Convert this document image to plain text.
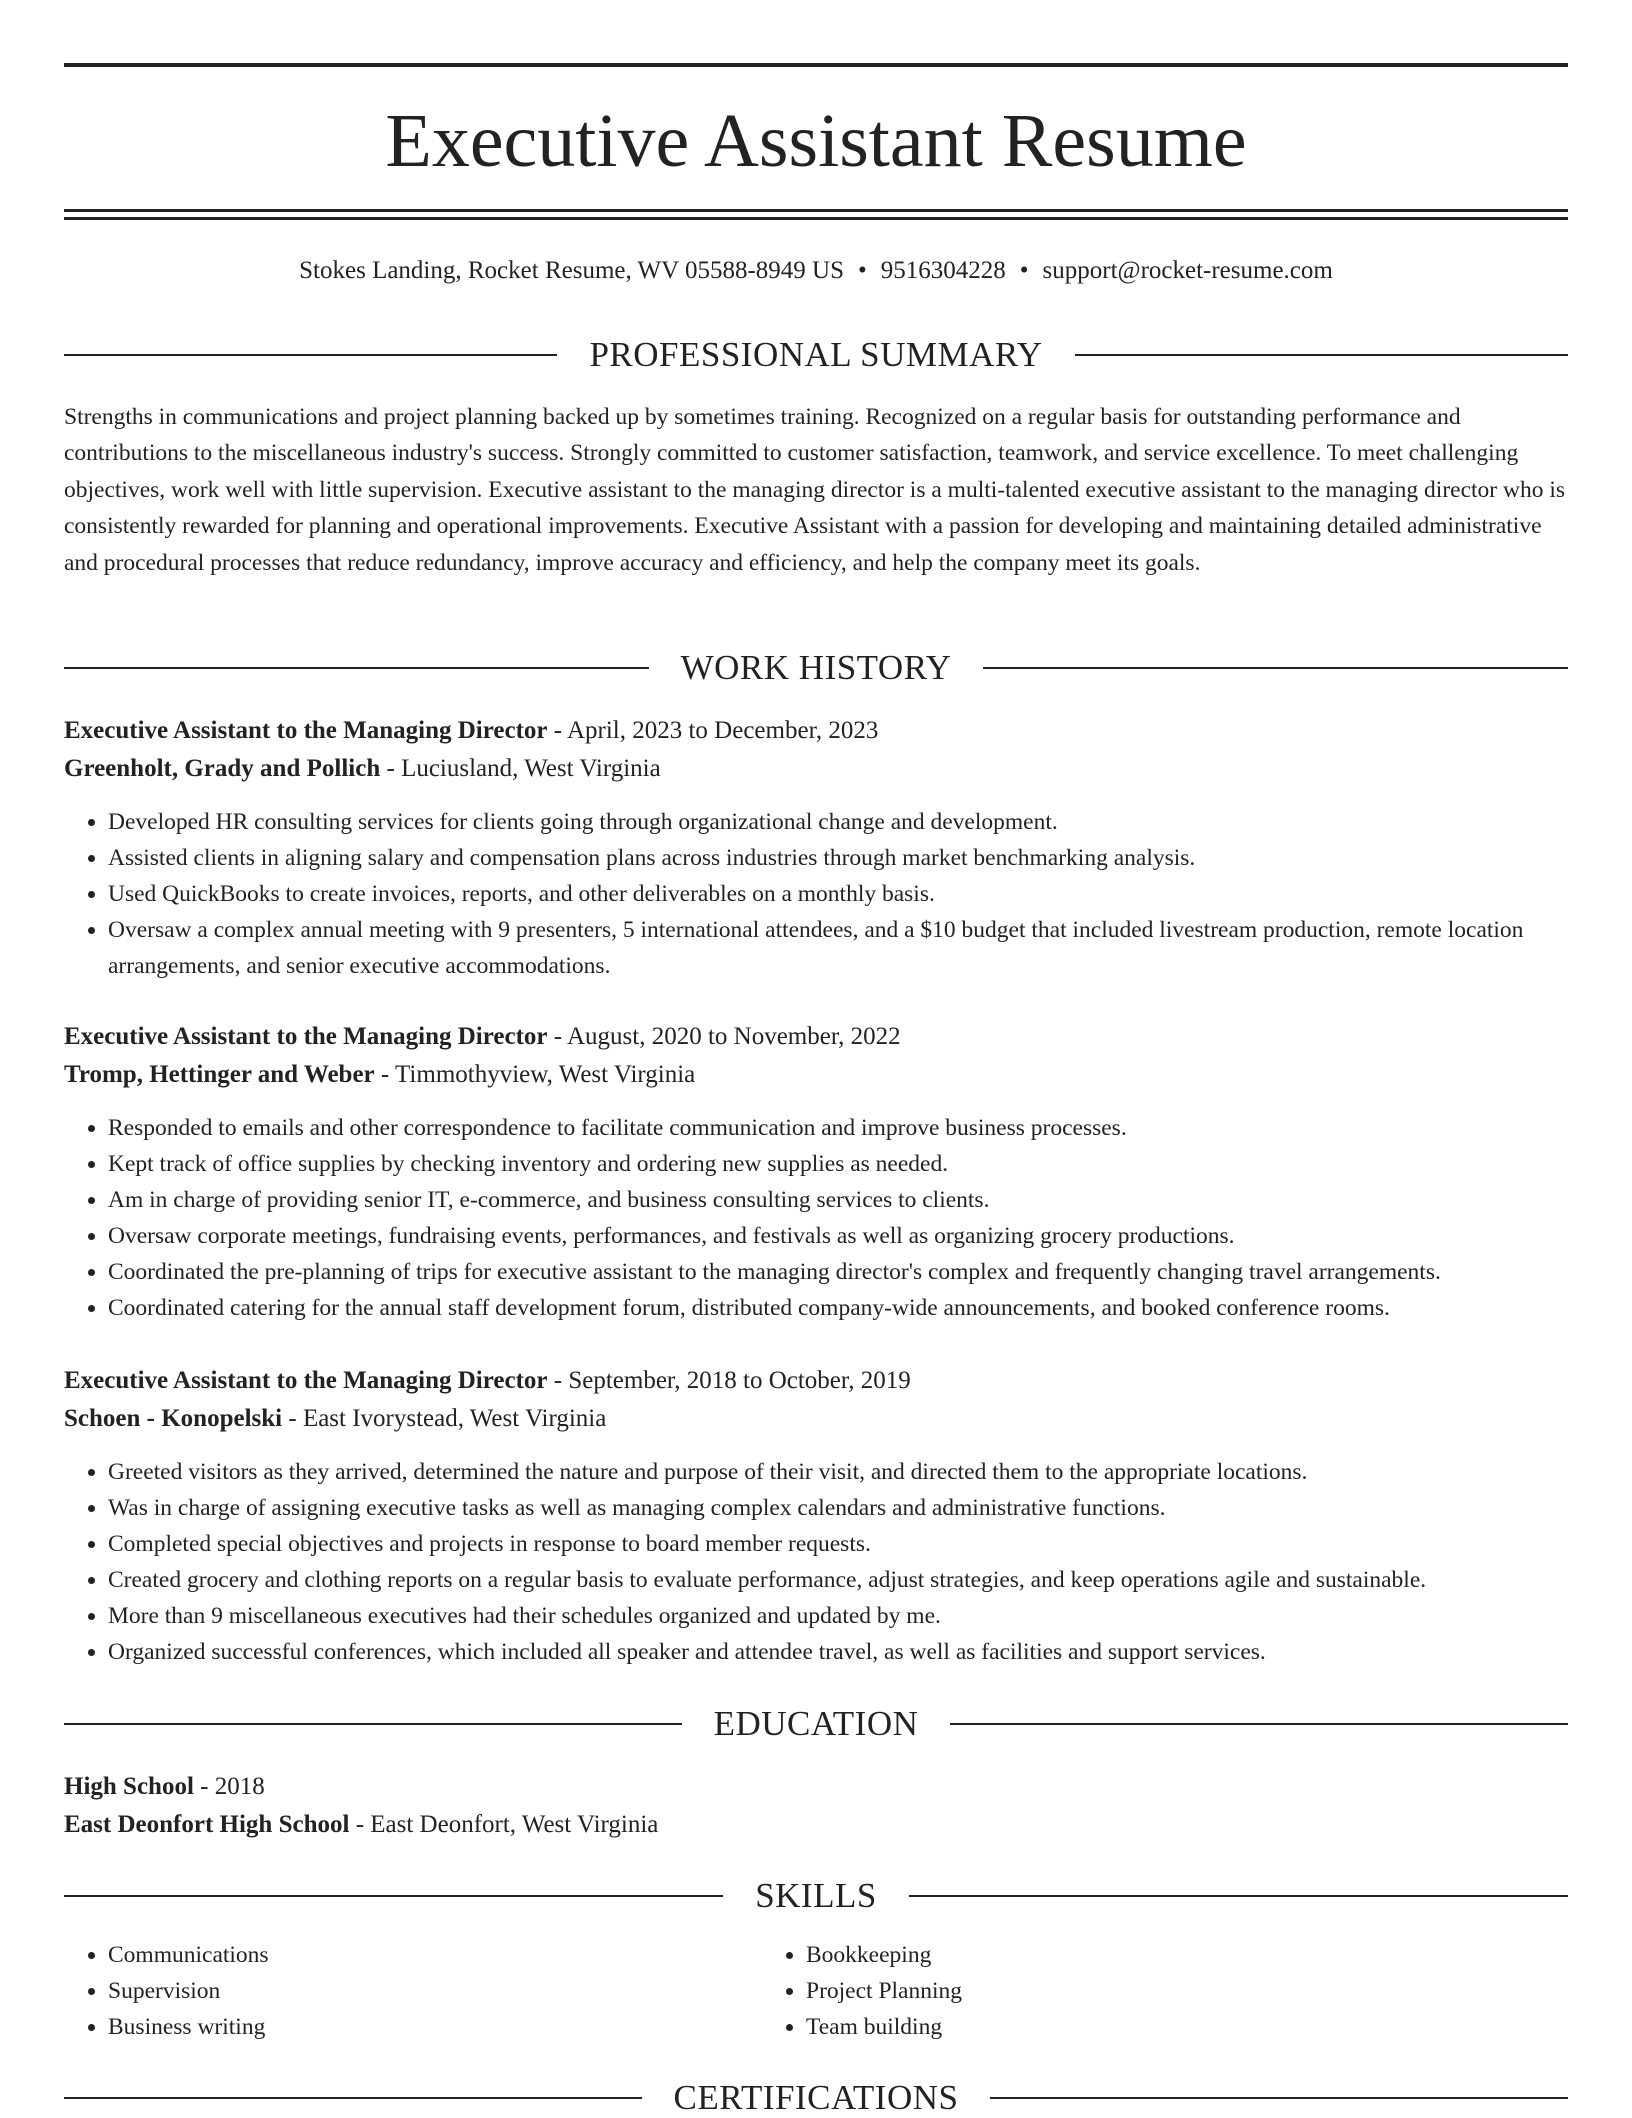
Executive Assistant Resume
Stokes Landing, Rocket Resume, WV 05588-8949 US • 9516304228 • support@rocket-resume.com
PROFESSIONAL SUMMARY
Strengths in communications and project planning backed up by sometimes training. Recognized on a regular basis for outstanding performance and contributions to the miscellaneous industry's success. Strongly committed to customer satisfaction, teamwork, and service excellence. To meet challenging objectives, work well with little supervision. Executive assistant to the managing director is a multi-talented executive assistant to the managing director who is consistently rewarded for planning and operational improvements. Executive Assistant with a passion for developing and maintaining detailed administrative and procedural processes that reduce redundancy, improve accuracy and efficiency, and help the company meet its goals.
WORK HISTORY
Executive Assistant to the Managing Director - April, 2023 to December, 2023
Greenholt, Grady and Pollich - Luciusland, West Virginia
• Developed HR consulting services for clients going through organizational change and development.
• Assisted clients in aligning salary and compensation plans across industries through market benchmarking analysis.
• Used QuickBooks to create invoices, reports, and other deliverables on a monthly basis.
• Oversaw a complex annual meeting with 9 presenters, 5 international attendees, and a $10 budget that included livestream production, remote location arrangements, and senior executive accommodations.
Executive Assistant to the Managing Director - August, 2020 to November, 2022
Tromp, Hettinger and Weber - Timmothyview, West Virginia
• Responded to emails and other correspondence to facilitate communication and improve business processes.
• Kept track of office supplies by checking inventory and ordering new supplies as needed.
• Am in charge of providing senior IT, e-commerce, and business consulting services to clients.
• Oversaw corporate meetings, fundraising events, performances, and festivals as well as organizing grocery productions.
• Coordinated the pre-planning of trips for executive assistant to the managing director's complex and frequently changing travel arrangements.
• Coordinated catering for the annual staff development forum, distributed company-wide announcements, and booked conference rooms.
Executive Assistant to the Managing Director - September, 2018 to October, 2019
Schoen - Konopelski - East Ivorystead, West Virginia
• Greeted visitors as they arrived, determined the nature and purpose of their visit, and directed them to the appropriate locations.
• Was in charge of assigning executive tasks as well as managing complex calendars and administrative functions.
• Completed special objectives and projects in response to board member requests.
• Created grocery and clothing reports on a regular basis to evaluate performance, adjust strategies, and keep operations agile and sustainable.
• More than 9 miscellaneous executives had their schedules organized and updated by me.
• Organized successful conferences, which included all speaker and attendee travel, as well as facilities and support services.
EDUCATION
High School - 2018
East Deonfort High School - East Deonfort, West Virginia
SKILLS
• Communications
• Supervision
• Business writing
• Bookkeeping
• Project Planning
• Team building
CERTIFICATIONS
